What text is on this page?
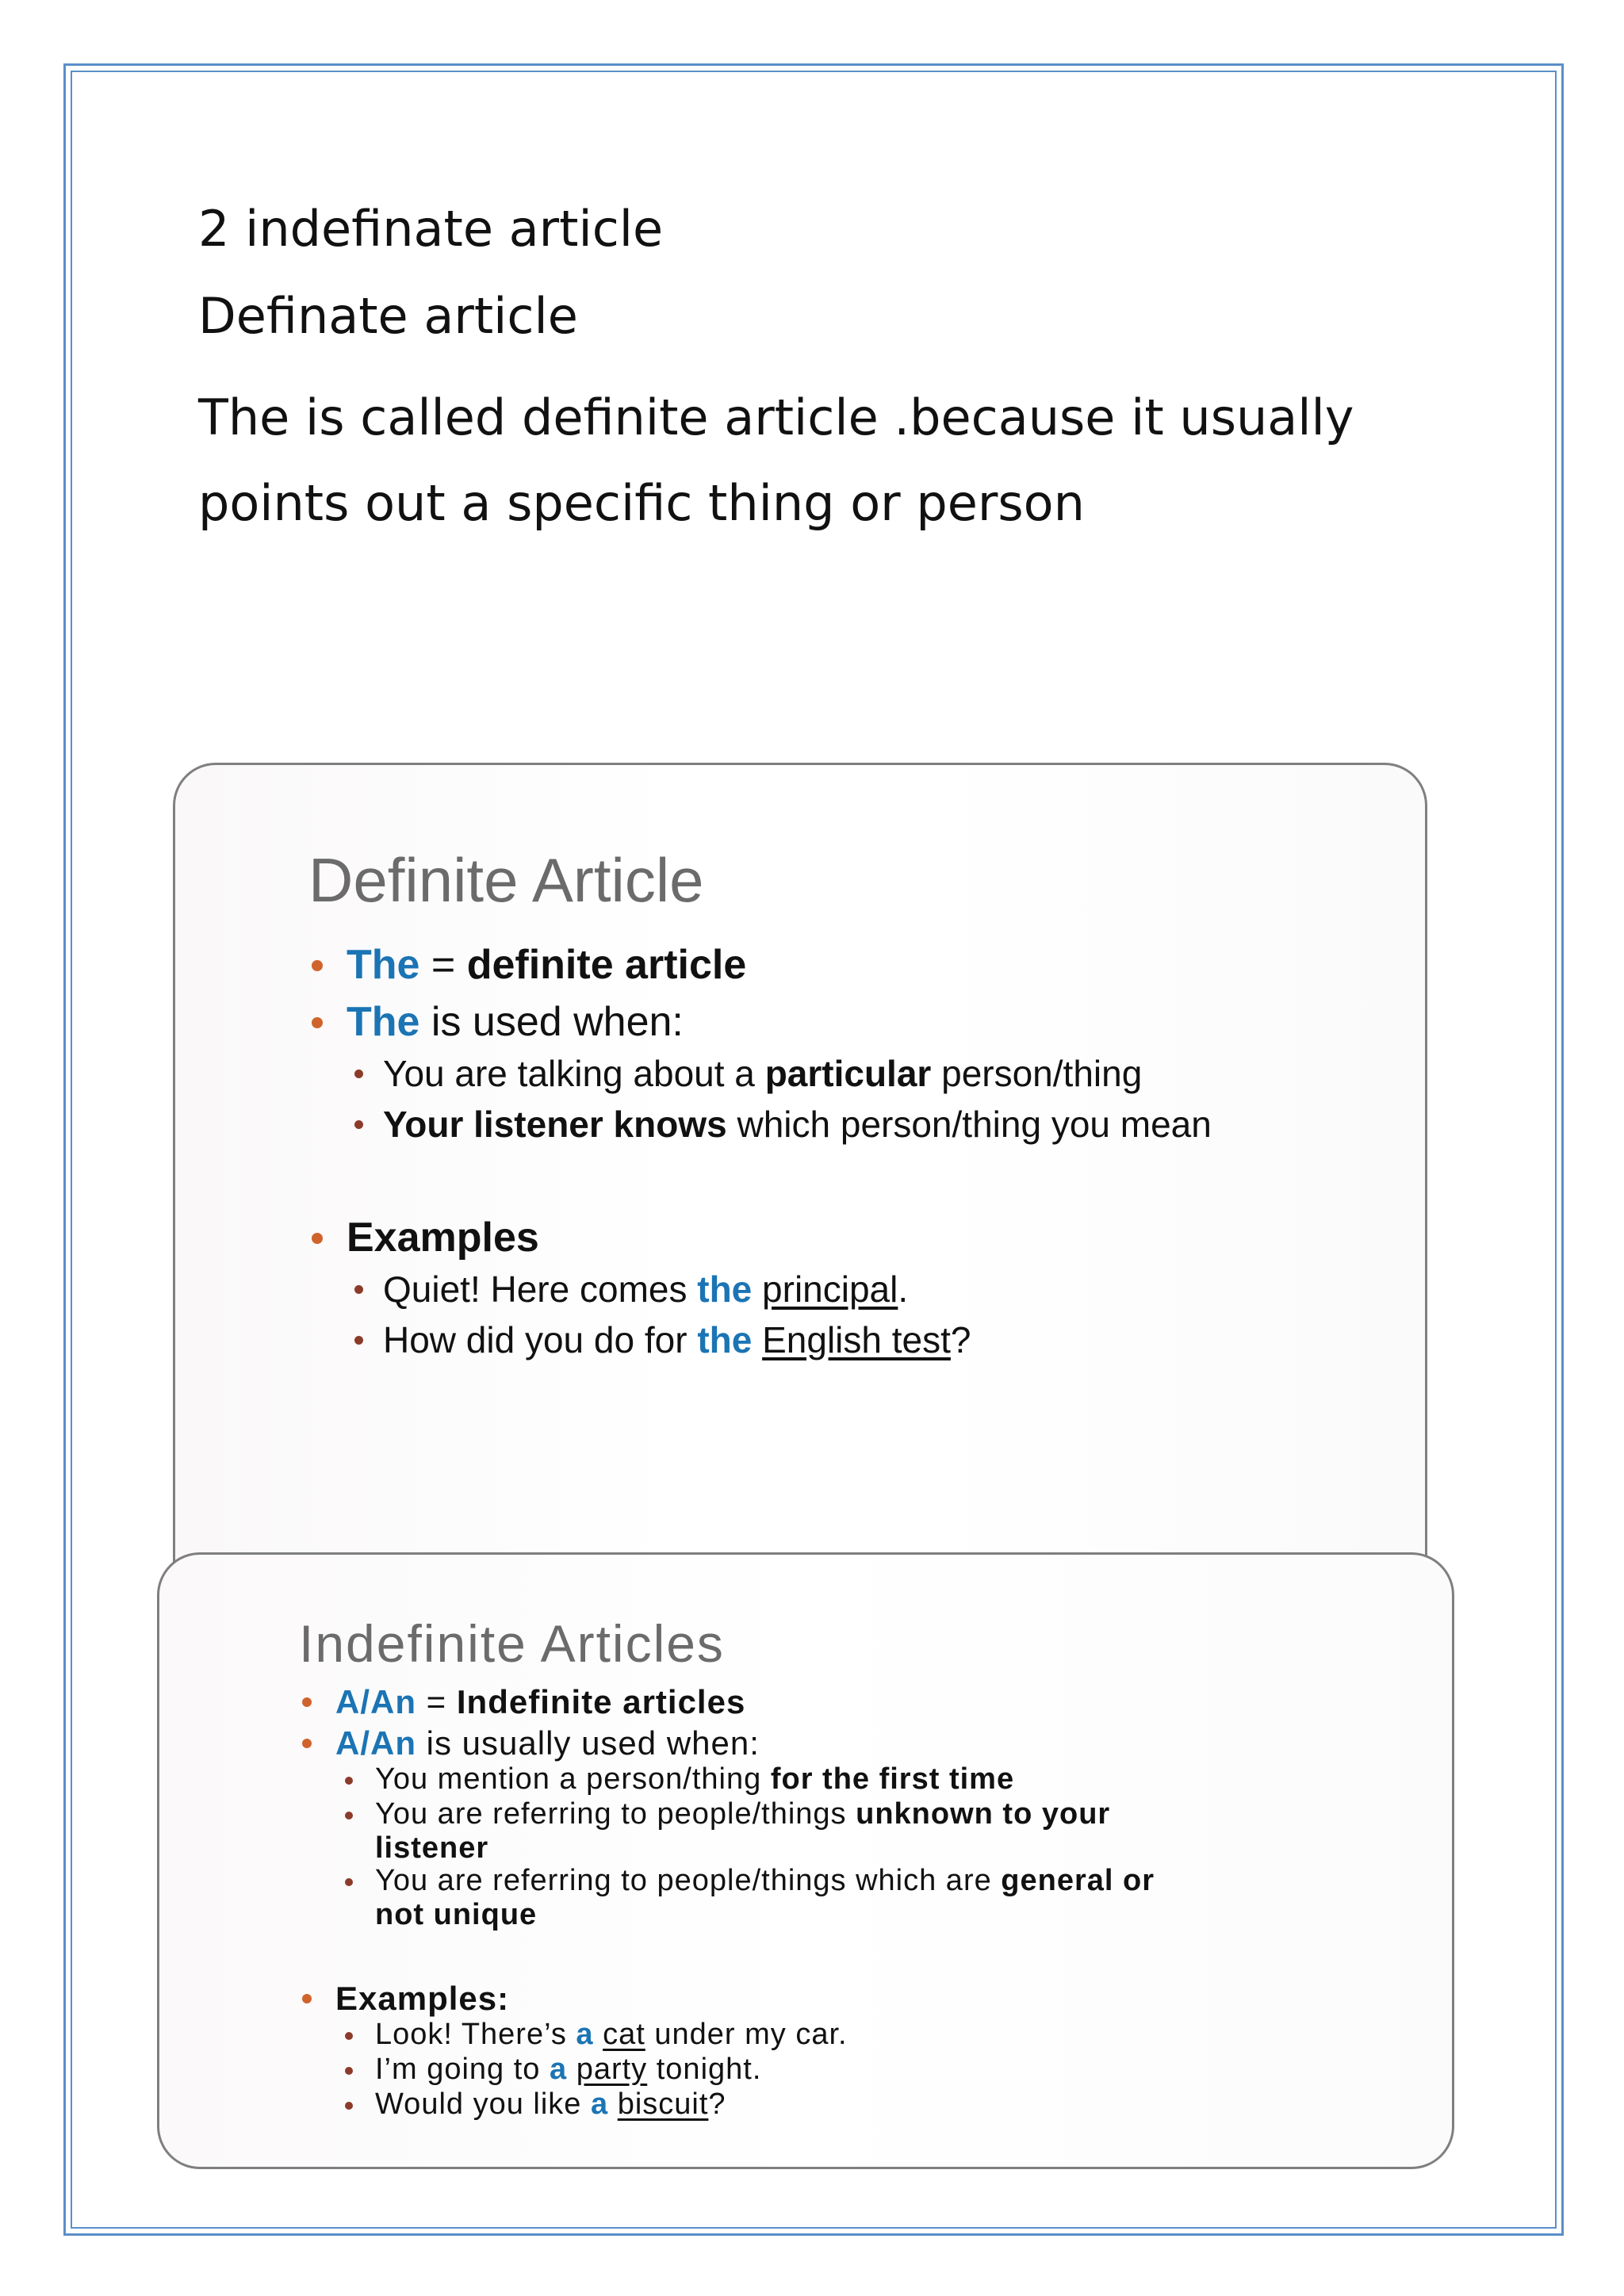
2 indefinate article

Definate article

The is called definite article .because it usually points out a specific thing or person

Definite Article
The = definite article
The is used when:
You are talking about a particular person/thing
Your listener knows which person/thing you mean
Examples
Quiet! Here comes the principal.
How did you do for the English test?
Indefinite Articles
A/An = Indefinite articles
A/An is usually used when:
You mention a person/thing for the first time
You are referring to people/things unknown to your
listener
You are referring to people/things which are general or
not unique
Examples:
Look! There’s a cat under my car.
I’m going to a party tonight.
Would you like a biscuit?
